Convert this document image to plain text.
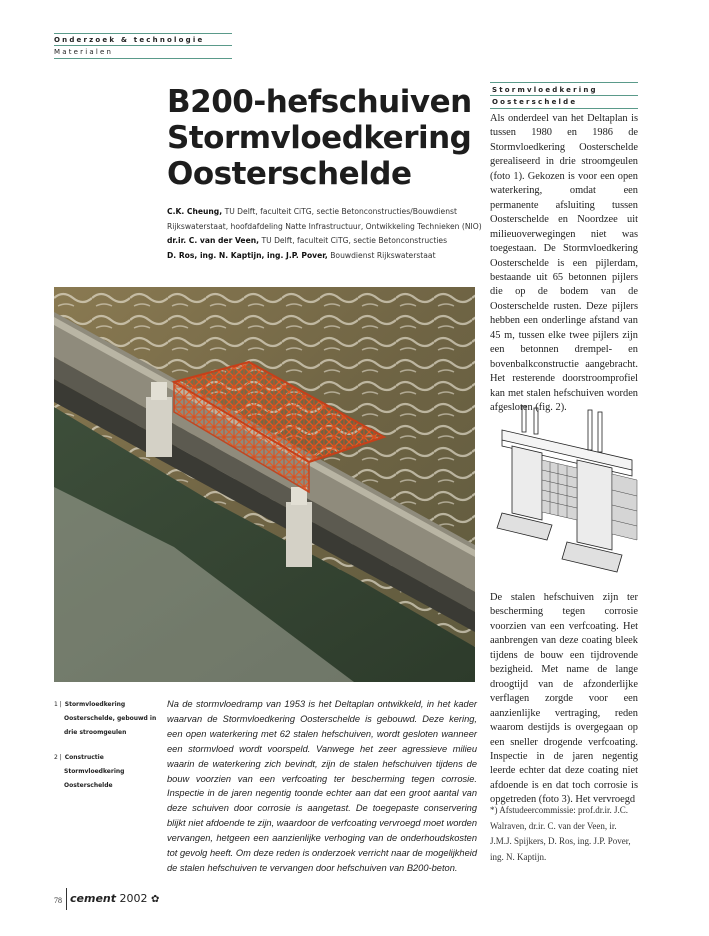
Onderzoek & technologie
Materialen
B200-hefschuiven
Stormvloedkering
Oosterschelde

C.K. Cheung, TU Delft, faculteit CiTG, sectie Betonconstructies/Bouwdienst Rijkswaterstaat, hoofdafdeling Natte Infrastructuur, Ontwikkeling Technieken (NIO)

dr.ir. C. van der Veen, TU Delft, faculteit CiTG, sectie Betonconstructies

D. Ros, ing. N. Kaptijn, ing. J.P. Pover, Bouwdienst Rijkswaterstaat

1 | Stormvloedkering
Oosterschelde, gebouwd in
drie stroomgeulen
2 | Constructie
Stormvloedkering
Oosterschelde
Na de stormvloedramp van 1953 is het Deltaplan ontwikkeld, in het kader waarvan de Stormvloedkering Oosterschelde is gebouwd. Deze kering, een open waterkering met 62 stalen hefschuiven, wordt gesloten wanneer een stormvloed wordt voorspeld. Vanwege het zeer agressieve milieu waarin de waterkering zich bevindt, zijn de stalen hefschuiven tijdens de bouw voorzien van een verfcoating ter bescherming tegen corrosie. Inspectie in de jaren negentig toonde echter aan dat een groot aantal van deze schuiven door corrosie is aangetast. De toegepaste conservering blijkt niet afdoende te zijn, waardoor de verfcoating vervroegd moet worden vervangen, hetgeen een aanzienlijke verhoging van de onderhoudskosten tot gevolg heeft. Om deze reden is onderzoek verricht naar de mogelijkheid de stalen hefschuiven te vervangen door hefschuiven van B200-beton.
Stormvloedkering
Oosterschelde
Als onderdeel van het Deltaplan is tussen 1980 en 1986 de Stormvloedkering Oosterschelde gerealiseerd in drie stroomgeulen (foto 1). Gekozen is voor een open waterkering, omdat een permanente afsluiting tussen Oosterschelde en Noordzee uit milieuoverwegingen niet was toegestaan. De Stormvloedkering Oosterschelde is een pijlerdam, bestaande uit 65 betonnen pijlers die op de bodem van de Oosterschelde rusten. Deze pijlers hebben een onderlinge afstand van 45 m, tussen elke twee pijlers zijn een betonnen drempel- en bovenbalkconstructie aangebracht. Het resterende doorstroomprofiel kan met stalen hefschuiven worden afgesloten (fig. 2).
De stalen hefschuiven zijn ter bescherming tegen corrosie voorzien van een verfcoating. Het aanbrengen van deze coating bleek tijdens de bouw een tijdrovende bezigheid. Met name de lange droogtijd van de afzonderlijke verflagen zorgde voor een aanzienlijke vertraging, reden waarom destijds is overgegaan op een sneller drogende verfcoating. Inspectie in de jaren negentig leerde echter dat deze coating niet afdoende is en dat toch corrosie is opgetreden (foto 3). Het vervroegd
*) Afstudeercommissie: prof.dr.ir. J.C. Walraven, dr.ir. C. van der Veen, ir. J.M.J. Spijkers, D. Ros, ing. J.P. Pover, ing. N. Kaptijn.
78 cement 2002 ✿
